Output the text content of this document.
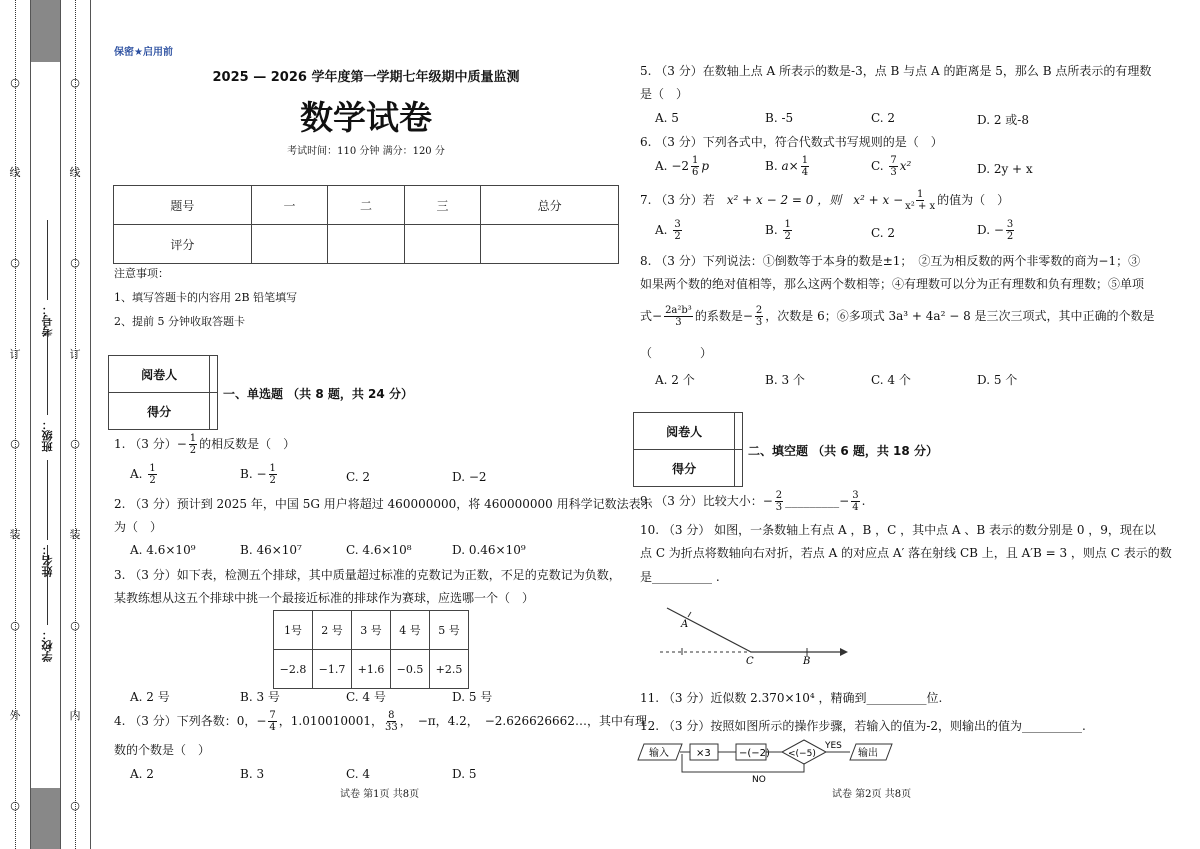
○
线
○
订
○
装
○
外
○
○
线
○
订
○
装
○
内
○
考号：
班级：
姓名：
学校：
保密★启用前
2025 — 2026 学年度第一学期七年级期中质量监测
数学试卷
考试时间：110 分钟 满分：120 分
题号	一	二	三	总分
评分				
注意事项：
1、填写答题卡的内容用 2B 铅笔填写
2、提前 5 分钟收取答题卡
阅卷人	
得分	
一、单选题 （共 8 题，共 24 分）
1. （3 分）− $\frac{1}{2}$ 的相反数是（　）
A. $\frac{1}{2}$	B. − $\frac{1}{2}$	C. 2	D. −2
2. （3 分）预计到 2025 年，中国 5G 用户将超过 460000000，将 460000000 用科学记数法表示
为（　）
A. 4.6×10⁹	B. 46×10⁷	C. 4.6×10⁸	D. 0.46×10⁹
3. （3 分）如下表，检测五个排球，其中质量超过标准的克数记为正数，不足的克数记为负数，
某教练想从这五个排球中挑一个最接近标准的排球作为赛球，应选哪一个（　）
1号	2 号	3 号	4 号	5 号
−2.8	−1.7	+1.6	−0.5	+2.5
A. 2 号	B. 3 号	C. 4 号	D. 5 号
4. （3 分）下列各数：0，− $\frac{7}{4}$ ，1.010010001， $\frac{8}{33}$ ，　−π，4.2，　−2.626626662…，其中有理
数的个数是（　）
A. 2	B. 3	C. 4	D. 5
试卷 第1页 共8页
5. （3 分）在数轴上点 A 所表示的数是-3，点 B 与点 A 的距离是 5，那么 B 点所表示的有理数
是（　）
A. 5	B. -5	C. 2	D. 2 或-8
6. （3 分）下列各式中，符合代数式书写规则的是（　）
A. $-2 \frac{1}{6}$ p	B. $a\times \frac{1}{4}$	C. $\frac{7}{3} x^2$	D. 2y + x
7. （3 分）若　 x² + x − 2 = 0 ，则　 $x^2 + x - \frac{1}{\text{x² + x}}$ 的值为（　）
A. $\frac{3}{2}$	B. $\frac{1}{2}$	C. 2	D. − $\frac{3}{2}$
8. （3 分）下列说法：①倒数等于本身的数是±1；　②互为相反数的两个非零数的商为−1；③
如果两个数的绝对值相等，那么这两个数相等；④有理数可以分为正有理数和负有理数；⑤单项
式− $\frac{\text{2a²b³}}{3}$ 的系数是− $\frac{2}{3}$ ，次数是 6；⑥多项式 3a³ + 4a² − 8 是三次三项式，其中正确的个数是
（　　　　）
A. 2 个	B. 3 个	C. 4 个	D. 5 个
阅卷人	
得分	
二、填空题 （共 6 题，共 18 分）
9. （3 分）比较大小：− $\frac{2}{3}$ _________− $\frac{3}{4}$ .
10. （3 分） 如图，一条数轴上有点 A ，B ，C ，其中点 A 、B 表示的数分别是 0 ，9，现在以
点 C 为折点将数轴向右对折，若点 A 的对应点 A′ 落在射线 CB 上，且 A′B = 3 ，则点 C 表示的数
是__________ .
A
C	B
11. （3 分）近似数 2.370×10⁴ ，精确到__________位.
12. （3 分）按照如图所示的操作步骤，若输入的值为-2，则输出的值为__________.
输入	×3	−(−2) <(−5)
YES
输出
NO
试卷 第2页 共8页
